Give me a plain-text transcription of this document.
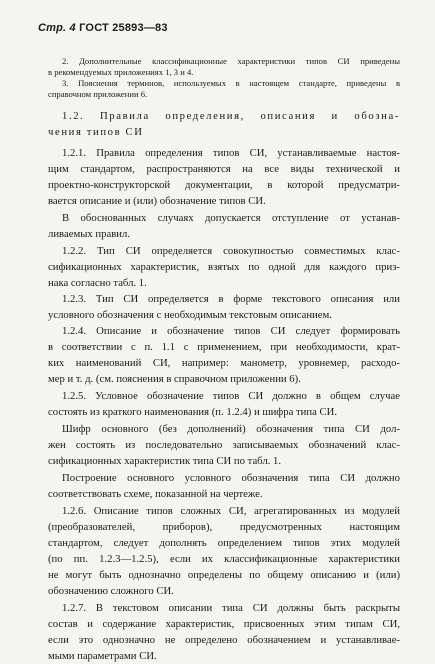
Стр. 4 ГОСТ 25893—83
2. Дополнительные классификационные характеристики типов СИ приведены
в рекомендуемых приложениях 1, 3 и 4.
3. Пояснения терминов, используемых в настоящем стандарте, приведены в
справочном приложении 6.
1.2. Правила определения, описания и обозна-
чения типов СИ
1.2.1. Правила определения типов СИ, устанавливаемые настоя-
щим стандартом, распространяются на все виды технической и
проектно-конструкторской документации, в которой предусматри-
вается описание и (или) обозначение типов СИ.
В обоснованных случаях допускается отступление от устанав-
ливаемых правил.
1.2.2. Тип СИ определяется совокупностью совместимых клас-
сификационных характеристик, взятых по одной для каждого приз-
нака согласно табл. 1.
1.2.3. Тип СИ определяется в форме текстового описания или
условного обозначения с необходимым текстовым описанием.
1.2.4. Описание и обозначение типов СИ следует формировать
в соответствии с п. 1.1 с применением, при необходимости, крат-
ких наименований СИ, например: манометр, уровнемер, расходо-
мер и т. д. (см. пояснения в справочном приложении 6).
1.2.5. Условное обозначение типов СИ должно в общем случае
состоять из краткого наименования (п. 1.2.4) и шифра типа СИ.
Шифр основного (без дополнений) обозначения типа СИ дол-
жен состоять из последовательно записываемых обозначений клас-
сификационных характеристик типа СИ по табл. 1.
Построение основного условного обозначения типа СИ должно
соответствовать схеме, показанной на чертеже.
1.2.6. Описание типов сложных СИ, агрегатированных из модулей
(преобразователей, приборов), предусмотренных настоящим
стандартом, следует дополнять определением типов этих модулей
(по пп. 1.2.3—1.2.5), если их классификационные характеристики
не могут быть однозначно определены по общему описанию и (или)
обозначению сложного СИ.
1.2.7. В текстовом описании типа СИ должны быть раскрыты
состав и содержание характеристик, присвоенных этим типам СИ,
если это однозначно не определено обозначением и устанавливае-
мыми параметрами СИ.
